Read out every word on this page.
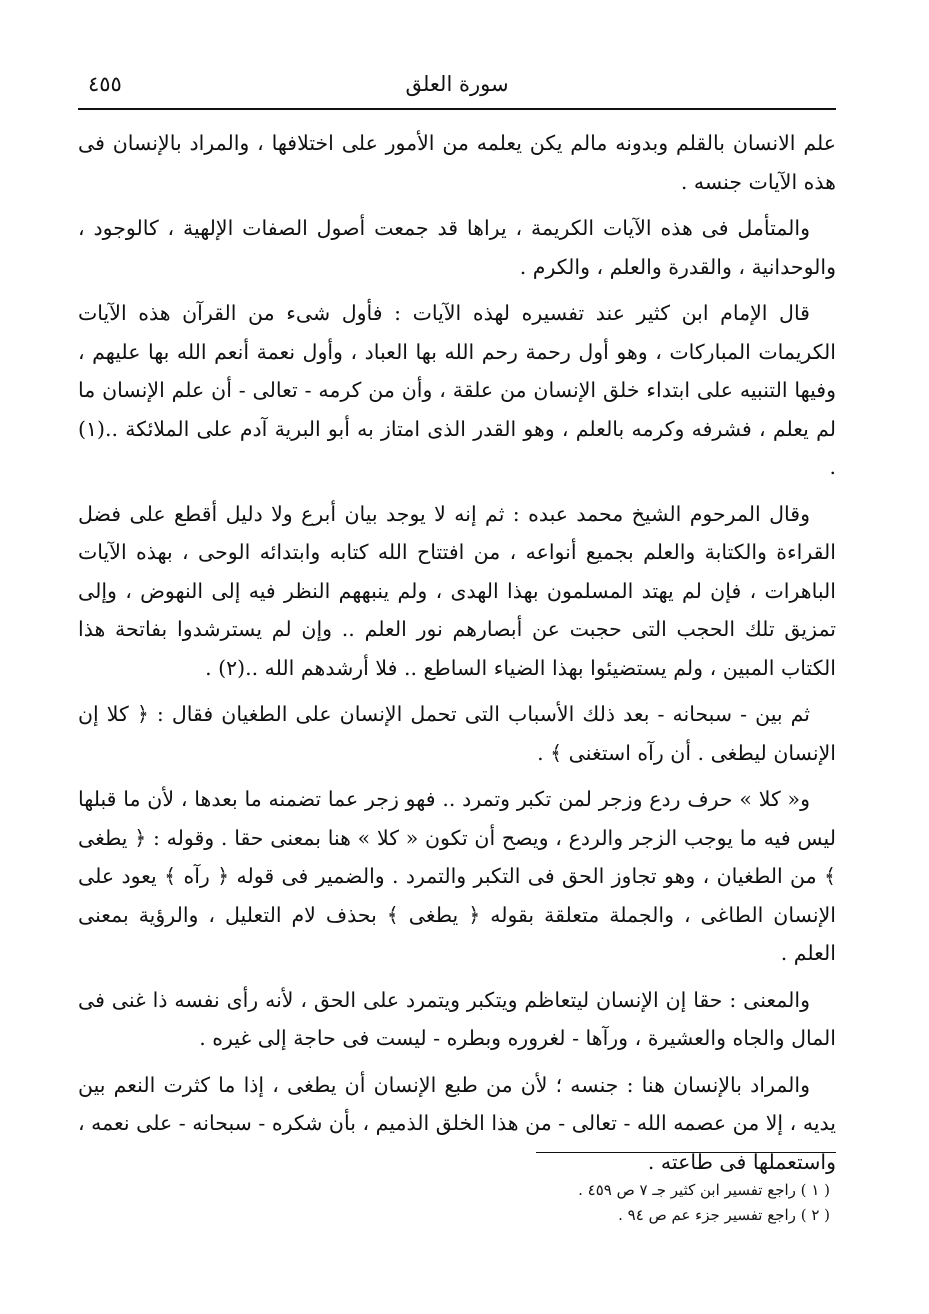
٤٥٥	سورة العلق

علم الانسان بالقلم وبدونه مالم يكن يعلمه من الأمور على اختلافها ، والمراد بالإنسان فى هذه الآيات جنسه .

والمتأمل فى هذه الآيات الكريمة ، يراها قد جمعت أصول الصفات الإلهية ، كالوجود ، والوحدانية ، والقدرة والعلم ، والكرم .

قال الإمام ابن كثير عند تفسيره لهذه الآيات : فأول شىء من القرآن هذه الآيات الكريمات المباركات ، وهو أول رحمة رحم الله بها العباد ، وأول نعمة أنعم الله بها عليهم ، وفيها التنبيه على ابتداء خلق الإنسان من علقة ، وأن من كرمه - تعالى - أن علم الإنسان ما لم يعلم ، فشرفه وكرمه بالعلم ، وهو القدر الذى امتاز به أبو البرية آدم على الملائكة ..(١) .

وقال المرحوم الشيخ محمد عبده : ثم إنه لا يوجد بيان أبرع ولا دليل أقطع على فضل القراءة والكتابة والعلم بجميع أنواعه ، من افتتاح الله كتابه وابتدائه الوحى ، بهذه الآيات الباهرات ، فإن لم يهتد المسلمون بهذا الهدى ، ولم ينبههم النظر فيه إلى النهوض ، وإلى تمزيق تلك الحجب التى حجبت عن أبصارهم نور العلم .. وإن لم يسترشدوا بفاتحة هذا الكتاب المبين ، ولم يستضيئوا بهذا الضياء الساطع .. فلا أرشدهم الله ..(٢) .

ثم بين - سبحانه - بعد ذلك الأسباب التى تحمل الإنسان على الطغيان فقال : ﴿ كلا إن الإنسان ليطغى . أن رآه استغنى ﴾ .

و« كلا » حرف ردع وزجر لمن تكبر وتمرد .. فهو زجر عما تضمنه ما بعدها ، لأن ما قبلها ليس فيه ما يوجب الزجر والردع ، ويصح أن تكون « كلا » هنا بمعنى حقا . وقوله : ﴿ يطغى ﴾ من الطغيان ، وهو تجاوز الحق فى التكبر والتمرد . والضمير فى قوله ﴿ رآه ﴾ يعود على الإنسان الطاغى ، والجملة متعلقة بقوله ﴿ يطغى ﴾ بحذف لام التعليل ، والرؤية بمعنى العلم .

والمعنى : حقا إن الإنسان ليتعاظم ويتكبر ويتمرد على الحق ، لأنه رأى نفسه ذا غنى فى المال والجاه والعشيرة ، ورآها - لغروره وبطره - ليست فى حاجة إلى غيره .

والمراد بالإنسان هنا : جنسه ؛ لأن من طبع الإنسان أن يطغى ، إذا ما كثرت النعم بين يديه ، إلا من عصمه الله - تعالى - من هذا الخلق الذميم ، بأن شكره - سبحانه - على نعمه ، واستعملها فى طاعته .

( ١ ) راجع تفسير ابن كثير جـ ٧ ص ٤٥٩ .
( ٢ ) راجع تفسير جزء عم ص ٩٤ .
